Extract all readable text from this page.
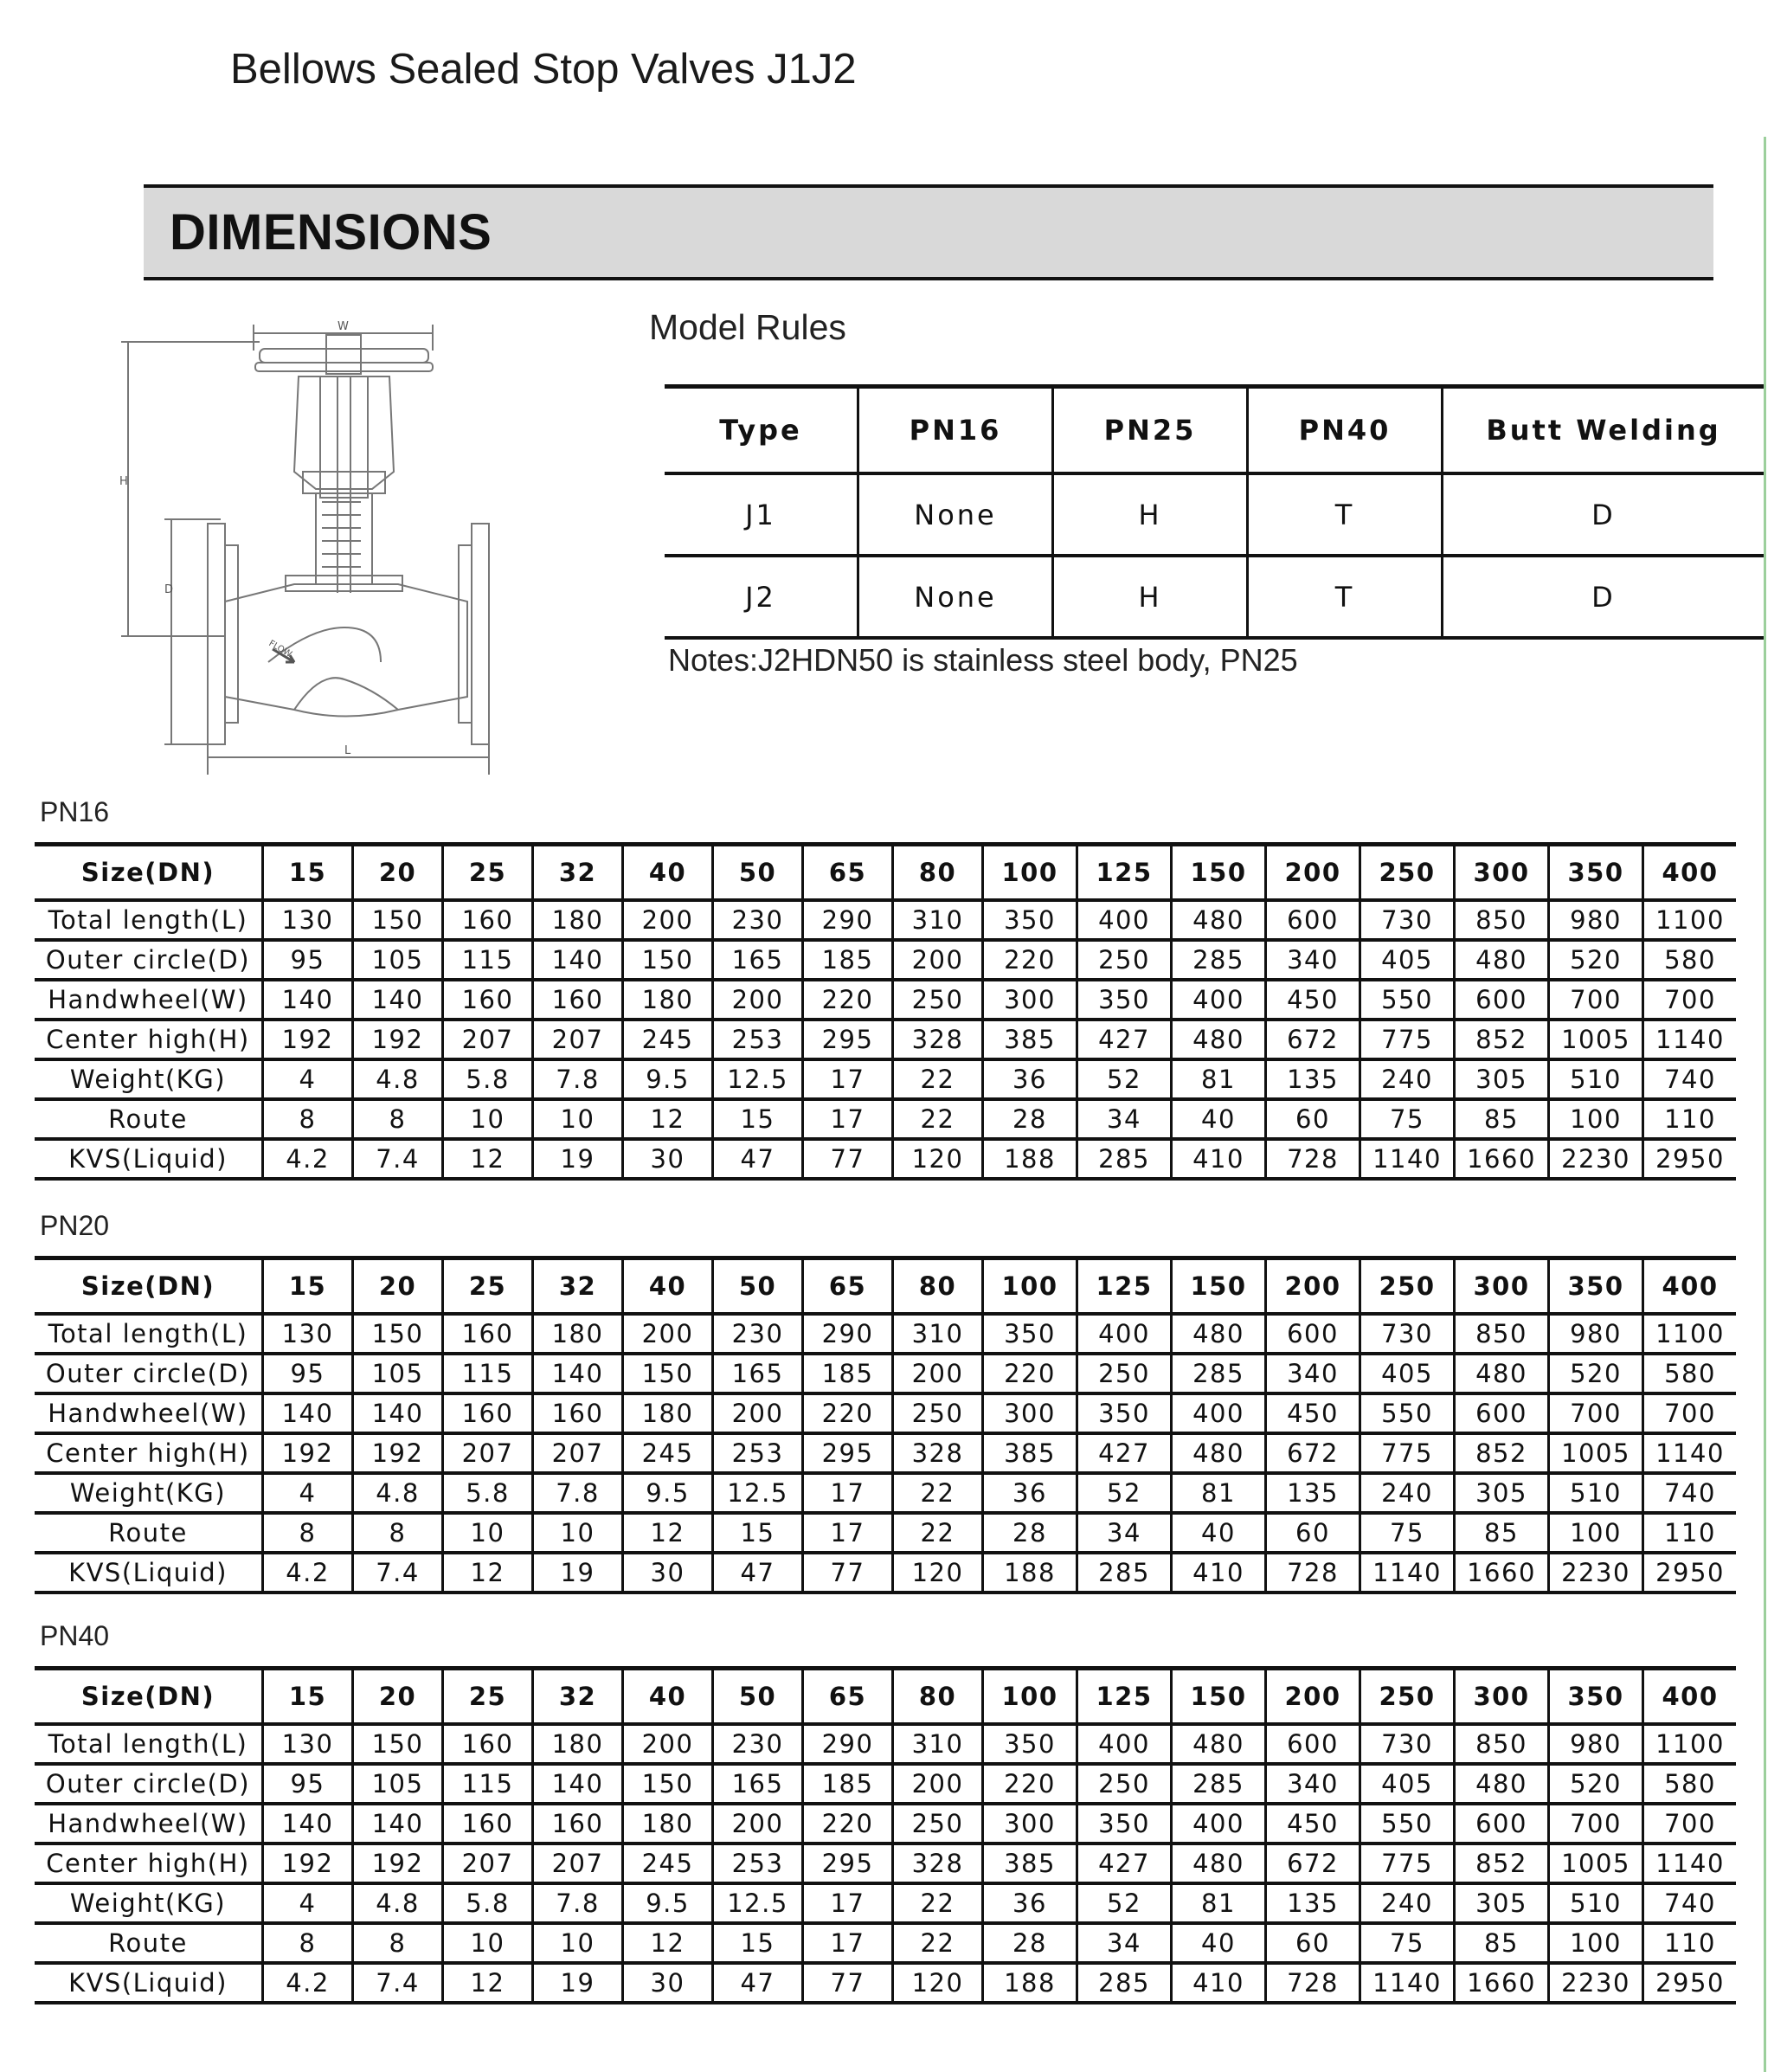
Bellows Sealed Stop Valves J1J2
DIMENSIONS
W
H
D
L
FLOW
Model Rules
Type	PN16	PN25	PN40	Butt Welding
J1	None	H	T	D
J2	None	H	T	D
Notes:J2HDN50 is stainless steel body, PN25
PN16
Size(DN)	15	20	25	32	40	50	65	80	100	125	150	200	250	300	350	400
Total length(L)	130	150	160	180	200	230	290	310	350	400	480	600	730	850	980	1100
Outer circle(D)	95	105	115	140	150	165	185	200	220	250	285	340	405	480	520	580
Handwheel(W)	140	140	160	160	180	200	220	250	300	350	400	450	550	600	700	700
Center high(H)	192	192	207	207	245	253	295	328	385	427	480	672	775	852	1005	1140
Weight(KG)	4	4.8	5.8	7.8	9.5	12.5	17	22	36	52	81	135	240	305	510	740
Route	8	8	10	10	12	15	17	22	28	34	40	60	75	85	100	110
KVS(Liquid)	4.2	7.4	12	19	30	47	77	120	188	285	410	728	1140	1660	2230	2950
PN20
Size(DN)	15	20	25	32	40	50	65	80	100	125	150	200	250	300	350	400
Total length(L)	130	150	160	180	200	230	290	310	350	400	480	600	730	850	980	1100
Outer circle(D)	95	105	115	140	150	165	185	200	220	250	285	340	405	480	520	580
Handwheel(W)	140	140	160	160	180	200	220	250	300	350	400	450	550	600	700	700
Center high(H)	192	192	207	207	245	253	295	328	385	427	480	672	775	852	1005	1140
Weight(KG)	4	4.8	5.8	7.8	9.5	12.5	17	22	36	52	81	135	240	305	510	740
Route	8	8	10	10	12	15	17	22	28	34	40	60	75	85	100	110
KVS(Liquid)	4.2	7.4	12	19	30	47	77	120	188	285	410	728	1140	1660	2230	2950
PN40
Size(DN)	15	20	25	32	40	50	65	80	100	125	150	200	250	300	350	400
Total length(L)	130	150	160	180	200	230	290	310	350	400	480	600	730	850	980	1100
Outer circle(D)	95	105	115	140	150	165	185	200	220	250	285	340	405	480	520	580
Handwheel(W)	140	140	160	160	180	200	220	250	300	350	400	450	550	600	700	700
Center high(H)	192	192	207	207	245	253	295	328	385	427	480	672	775	852	1005	1140
Weight(KG)	4	4.8	5.8	7.8	9.5	12.5	17	22	36	52	81	135	240	305	510	740
Route	8	8	10	10	12	15	17	22	28	34	40	60	75	85	100	110
KVS(Liquid)	4.2	7.4	12	19	30	47	77	120	188	285	410	728	1140	1660	2230	2950
